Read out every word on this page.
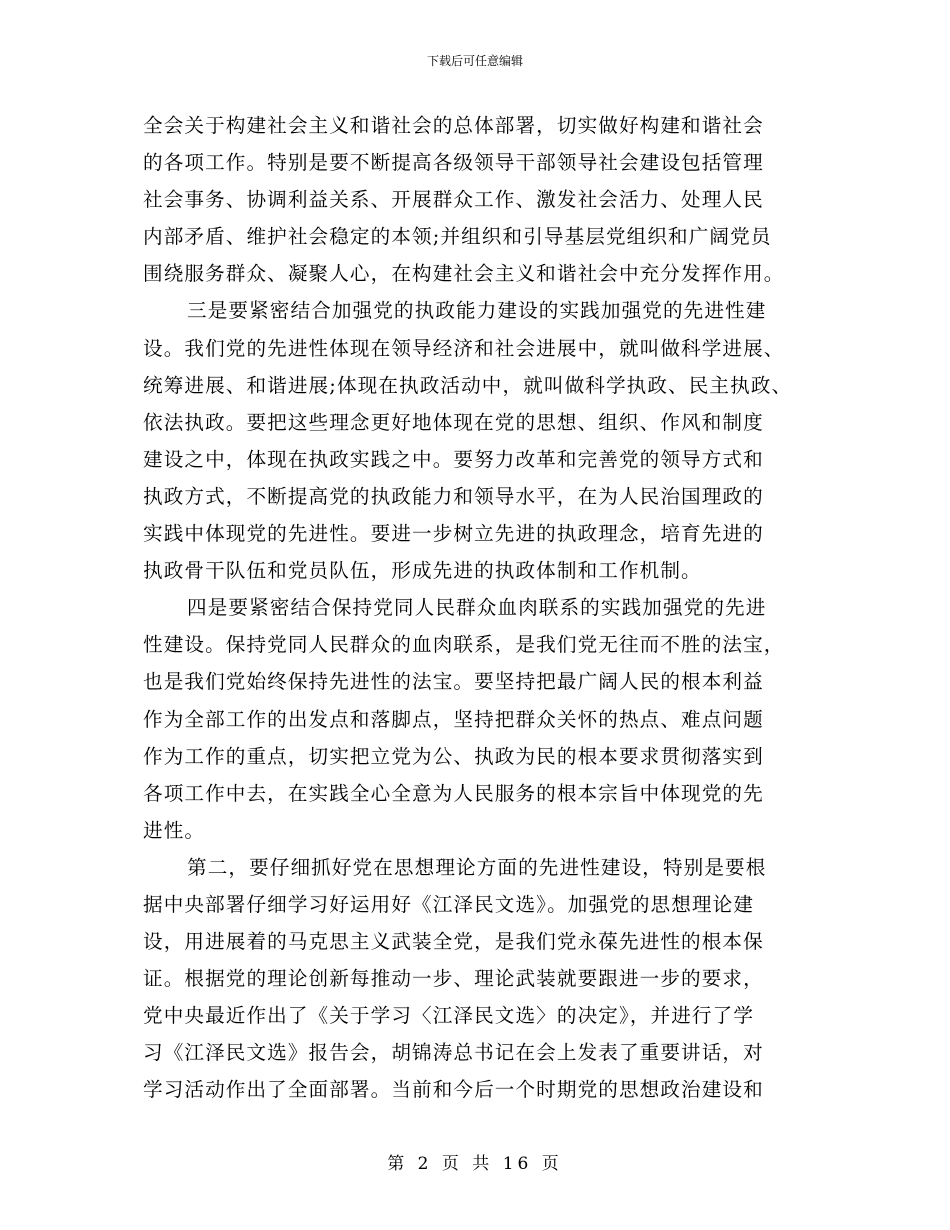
下载后可任意编辑
全会关于构建社会主义和谐社会的总体部署，切实做好构建和谐社会
的各项工作。特别是要不断提高各级领导干部领导社会建设包括管理
社会事务、协调利益关系、开展群众工作、激发社会活力、处理人民
内部矛盾、维护社会稳定的本领;并组织和引导基层党组织和广阔党员
围绕服务群众、凝聚人心，在构建社会主义和谐社会中充分发挥作用。
三是要紧密结合加强党的执政能力建设的实践加强党的先进性建
设。我们党的先进性体现在领导经济和社会进展中，就叫做科学进展、
统筹进展、和谐进展;体现在执政活动中，就叫做科学执政、民主执政、
依法执政。要把这些理念更好地体现在党的思想、组织、作风和制度
建设之中，体现在执政实践之中。要努力改革和完善党的领导方式和
执政方式，不断提高党的执政能力和领导水平，在为人民治国理政的
实践中体现党的先进性。要进一步树立先进的执政理念，培育先进的
执政骨干队伍和党员队伍，形成先进的执政体制和工作机制。
四是要紧密结合保持党同人民群众血肉联系的实践加强党的先进
性建设。保持党同人民群众的血肉联系，是我们党无往而不胜的法宝，
也是我们党始终保持先进性的法宝。要坚持把最广阔人民的根本利益
作为全部工作的出发点和落脚点，坚持把群众关怀的热点、难点问题
作为工作的重点，切实把立党为公、执政为民的根本要求贯彻落实到
各项工作中去，在实践全心全意为人民服务的根本宗旨中体现党的先
进性。
第二，要仔细抓好党在思想理论方面的先进性建设，特别是要根
据中央部署仔细学习好运用好《江泽民文选》。加强党的思想理论建
设，用进展着的马克思主义武装全党，是我们党永葆先进性的根本保
证。根据党的理论创新每推动一步、理论武装就要跟进一步的要求，
党中央最近作出了《关于学习〈江泽民文选〉的决定》，并进行了学
习《江泽民文选》报告会，胡锦涛总书记在会上发表了重要讲话，对
学习活动作出了全面部署。当前和今后一个时期党的思想政治建设和
第 2 页 共 16 页
